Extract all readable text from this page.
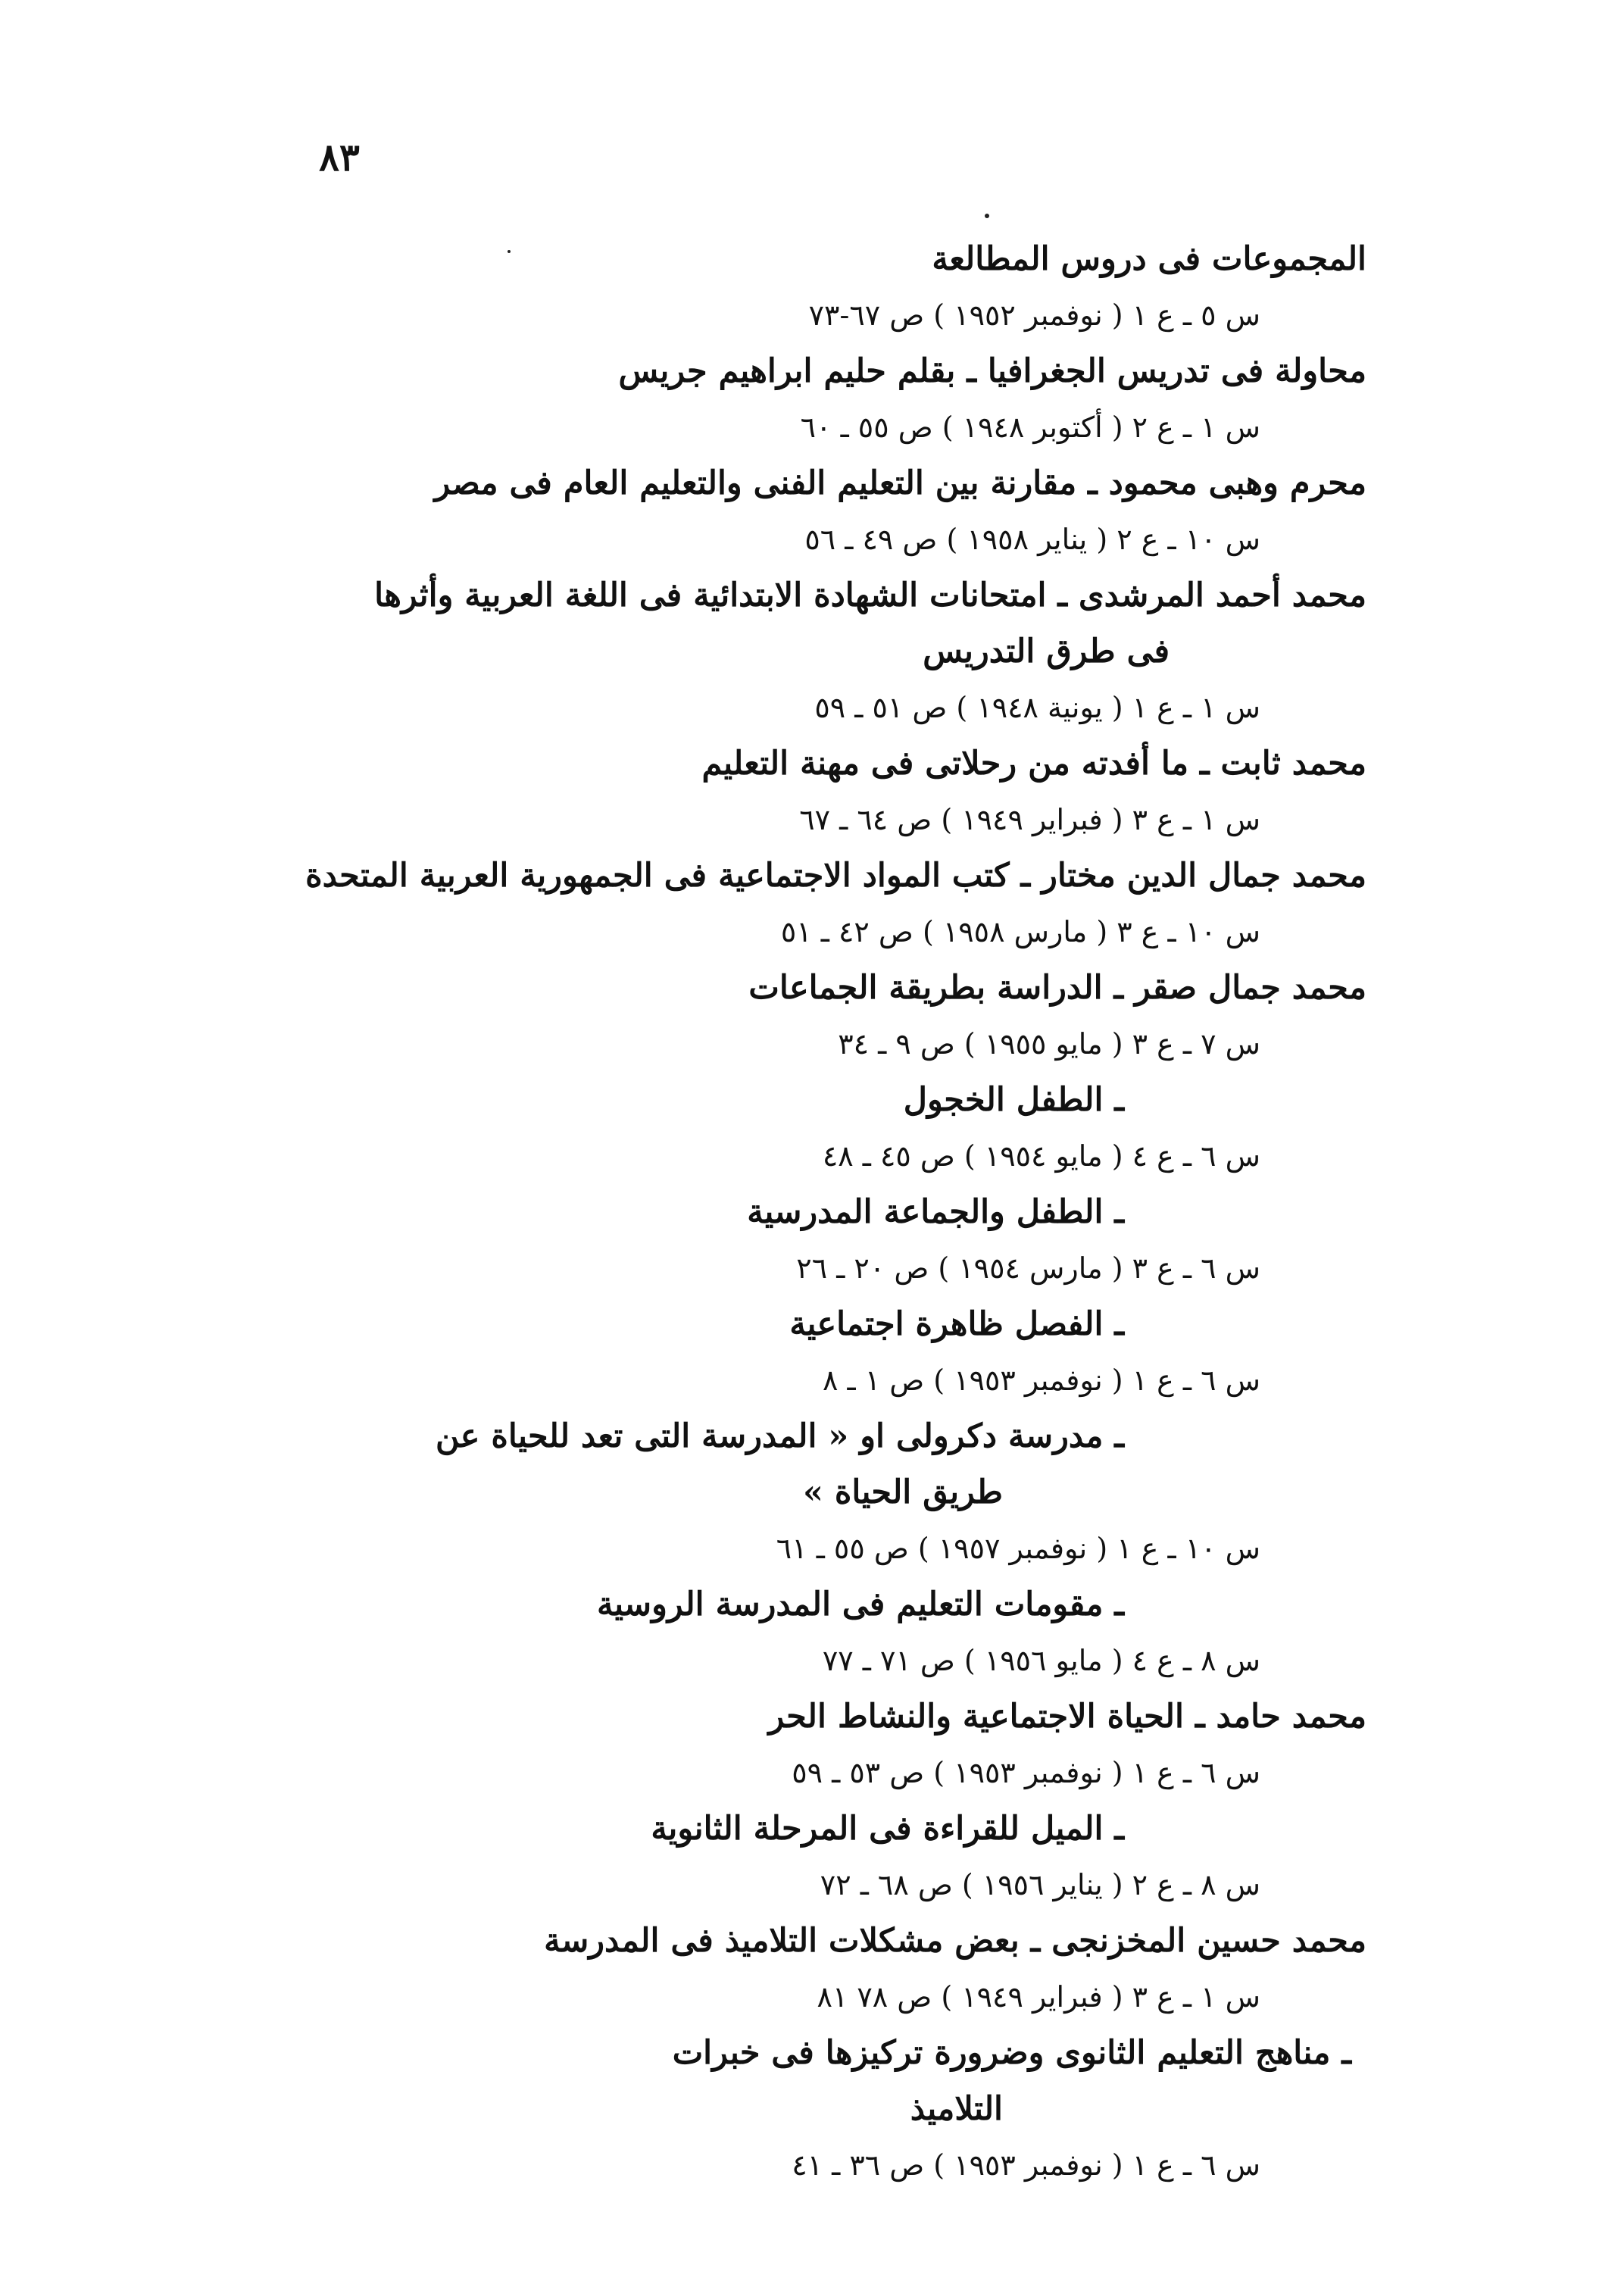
٨٣
المجموعات فى دروس المطالعة
س ٥ ـ ع ١ ( نوفمبر ١٩٥٢ ) ص ٦٧-٧٣
محاولة فى تدريس الجغرافيا ـ بقلم حليم ابراهيم جريس
س ١ ـ ع ٢ ( أكتوبر ١٩٤٨ ) ص ٥٥ ـ ٦٠
محرم وهبى محمود ـ مقارنة بين التعليم الفنى والتعليم العام فى مصر
س ١٠ ـ ع ٢ ( يناير ١٩٥٨ ) ص ٤٩ ـ ٥٦
محمد أحمد المرشدى ـ امتحانات الشهادة الابتدائية فى اللغة العربية وأثرها
فى طرق التدريس
س ١ ـ ع ١ ( يونية ١٩٤٨ ) ص ٥١ ـ ٥٩
محمد ثابت ـ ما أفدته من رحلاتى فى مهنة التعليم
س ١ ـ ع ٣ ( فبراير ١٩٤٩ ) ص ٦٤ ـ ٦٧
محمد جمال الدين مختار ـ كتب المواد الاجتماعية فى الجمهورية العربية المتحدة
س ١٠ ـ ع ٣ ( مارس ١٩٥٨ ) ص ٤٢ ـ ٥١
محمد جمال صقر ـ الدراسة بطريقة الجماعات
س ٧ ـ ع ٣ ( مايو ١٩٥٥ ) ص ٩ ـ ٣٤
ـ الطفل الخجول
س ٦ ـ ع ٤ ( مايو ١٩٥٤ ) ص ٤٥ ـ ٤٨
ـ الطفل والجماعة المدرسية
س ٦ ـ ع ٣ ( مارس ١٩٥٤ ) ص ٢٠ ـ ٢٦
ـ الفصل ظاهرة اجتماعية
س ٦ ـ ع ١ ( نوفمبر ١٩٥٣ ) ص ١ ـ ٨
ـ مدرسة دكرولى او « المدرسة التى تعد للحياة عن
طريق الحياة »
س ١٠ ـ ع ١ ( نوفمبر ١٩٥٧ ) ص ٥٥ ـ ٦١
ـ مقومات التعليم فى المدرسة الروسية
س ٨ ـ ع ٤ ( مايو ١٩٥٦ ) ص ٧١ ـ ٧٧
محمد حامد ـ الحياة الاجتماعية والنشاط الحر
س ٦ ـ ع ١ ( نوفمبر ١٩٥٣ ) ص ٥٣ ـ ٥٩
ـ الميل للقراءة فى المرحلة الثانوية
س ٨ ـ ع ٢ ( يناير ١٩٥٦ ) ص ٦٨ ـ ٧٢
محمد حسين المخزنجى ـ بعض مشكلات التلاميذ فى المدرسة
س ١ ـ ع ٣ ( فبراير ١٩٤٩ ) ص ٧٨ ٨١
ـ مناهج التعليم الثانوى وضرورة تركيزها فى خبرات
التلاميذ
س ٦ ـ ع ١ ( نوفمبر ١٩٥٣ ) ص ٣٦ ـ ٤١
